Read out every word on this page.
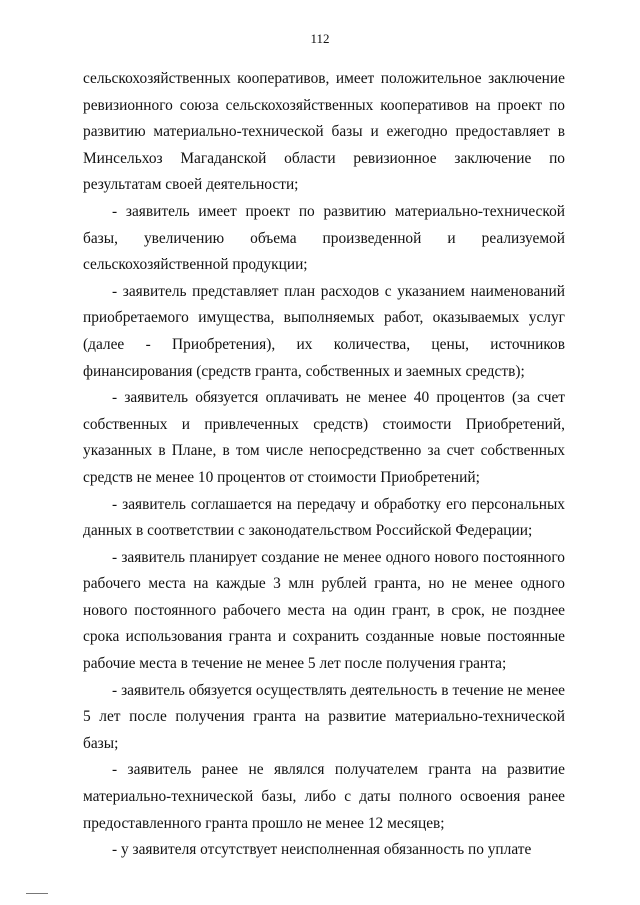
112

сельскохозяйственных кооперативов, имеет положительное заключение ревизионного союза сельскохозяйственных кооперативов на проект по развитию материально-технической базы и ежегодно предоставляет в Минсельхоз Магаданской области ревизионное заключение по результатам своей деятельности;

- заявитель имеет проект по развитию материально-технической базы, увеличению объема произведенной и реализуемой сельскохозяйственной продукции;

- заявитель представляет план расходов с указанием наименований приобретаемого имущества, выполняемых работ, оказываемых услуг (далее - Приобретения), их количества, цены, источников финансирования (средств гранта, собственных и заемных средств);

- заявитель обязуется оплачивать не менее 40 процентов (за счет собственных и привлеченных средств) стоимости Приобретений, указанных в Плане, в том числе непосредственно за счет собственных средств не менее 10 процентов от стоимости Приобретений;

- заявитель соглашается на передачу и обработку его персональных данных в соответствии с законодательством Российской Федерации;

- заявитель планирует создание не менее одного нового постоянного рабочего места на каждые 3 млн рублей гранта, но не менее одного нового постоянного рабочего места на один грант, в срок, не позднее срока использования гранта и сохранить созданные новые постоянные рабочие места в течение не менее 5 лет после получения гранта;

- заявитель обязуется осуществлять деятельность в течение не менее 5 лет после получения гранта на развитие материально-технической базы;

- заявитель ранее не являлся получателем гранта на развитие материально-технической базы, либо с даты полного освоения ранее предоставленного гранта прошло не менее 12 месяцев;

- у заявителя отсутствует неисполненная обязанность по уплате
